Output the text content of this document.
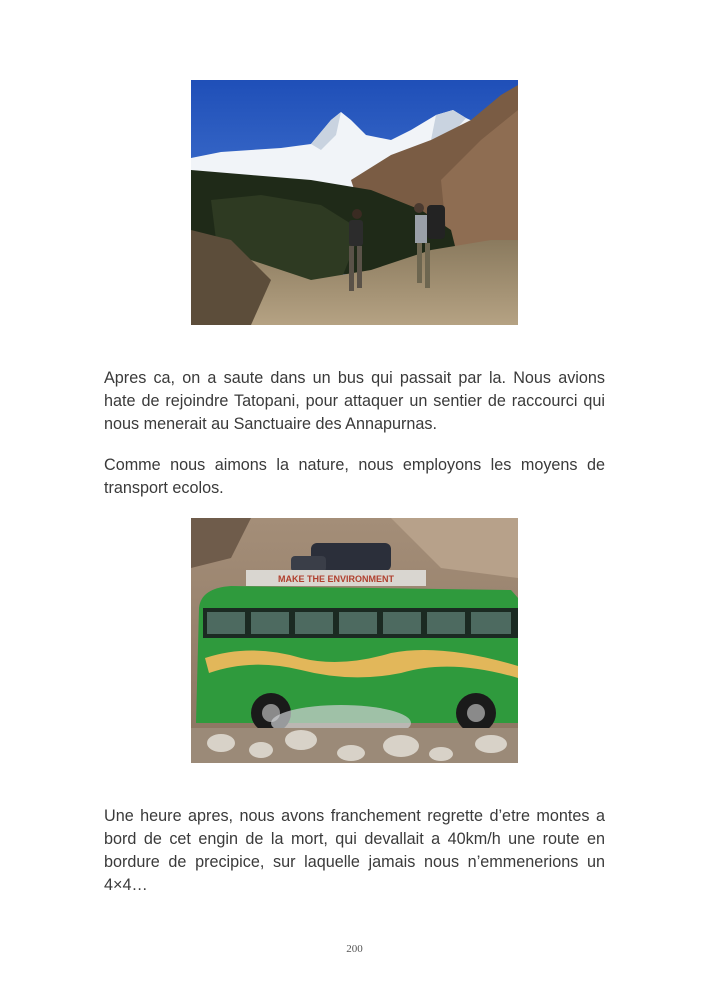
Apres ca, on a saute dans un bus qui passait par la. Nous avions hate de rejoindre Tatopani, pour attaquer un sentier de raccourci qui nous menerait au Sanctuaire des Annapurnas.

Comme nous aimons la nature, nous employons les moyens de transport ecolos.

MAKE THE ENVIRONMENT

Une heure apres, nous avons franchement regrette d’etre montes a bord de cet engin de la mort, qui devallait a 40km/h une route en bordure de precipice, sur laquelle jamais nous n’emmenerions un 4×4…

200
